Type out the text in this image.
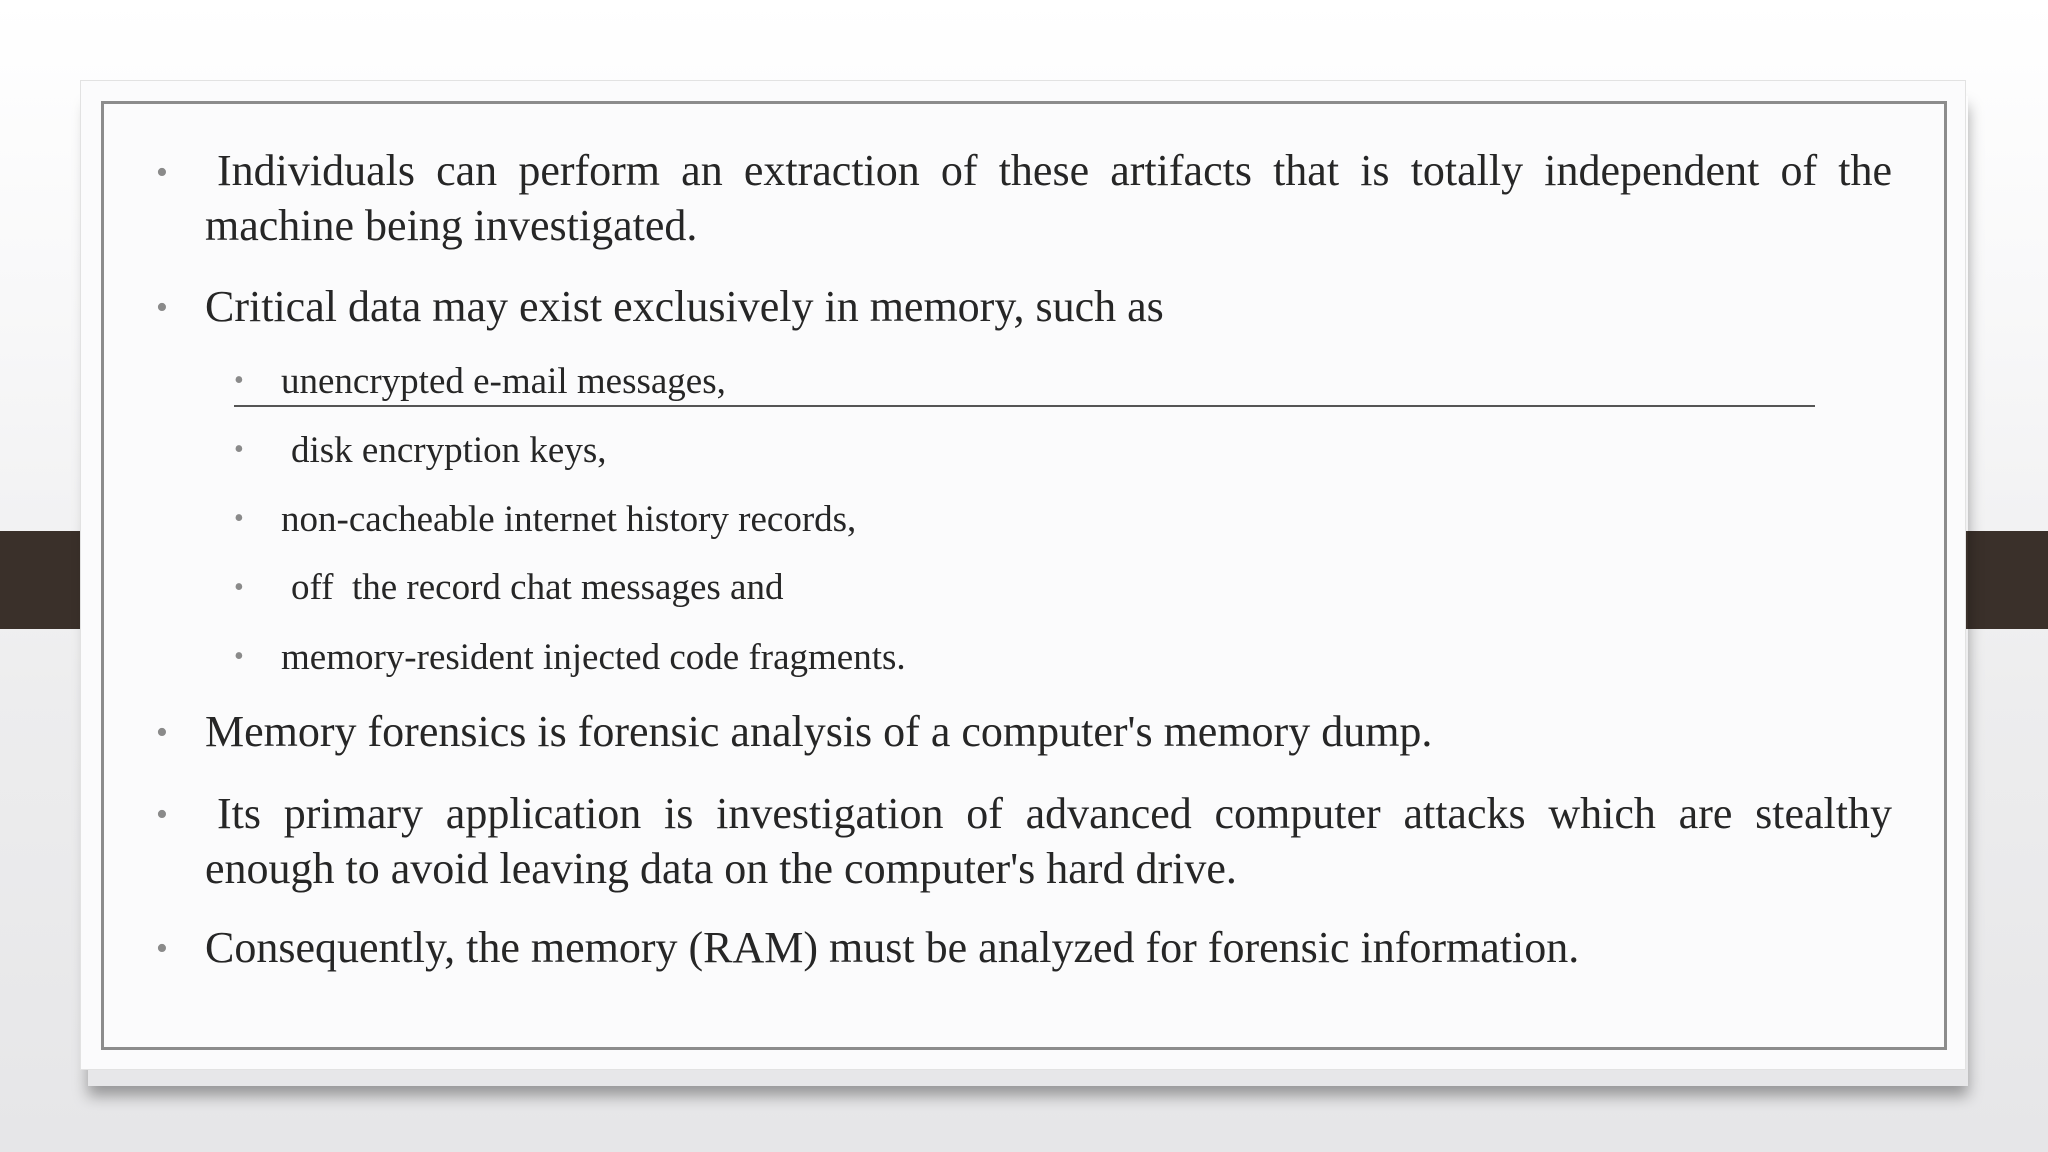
• Individuals can perform an extraction of these artifacts that is totally independent of the machine being investigated.
• Critical data may exist exclusively in memory, such as
• unencrypted e-mail messages,
• disk encryption keys,
• non-cacheable internet history records,
• off  the record chat messages and
• memory-resident injected code fragments.
• Memory forensics is forensic analysis of a computer's memory dump.
• Its primary application is investigation of advanced computer attacks which are stealthy enough to avoid leaving data on the computer's hard drive.
• Consequently, the memory (RAM) must be analyzed for forensic information.
